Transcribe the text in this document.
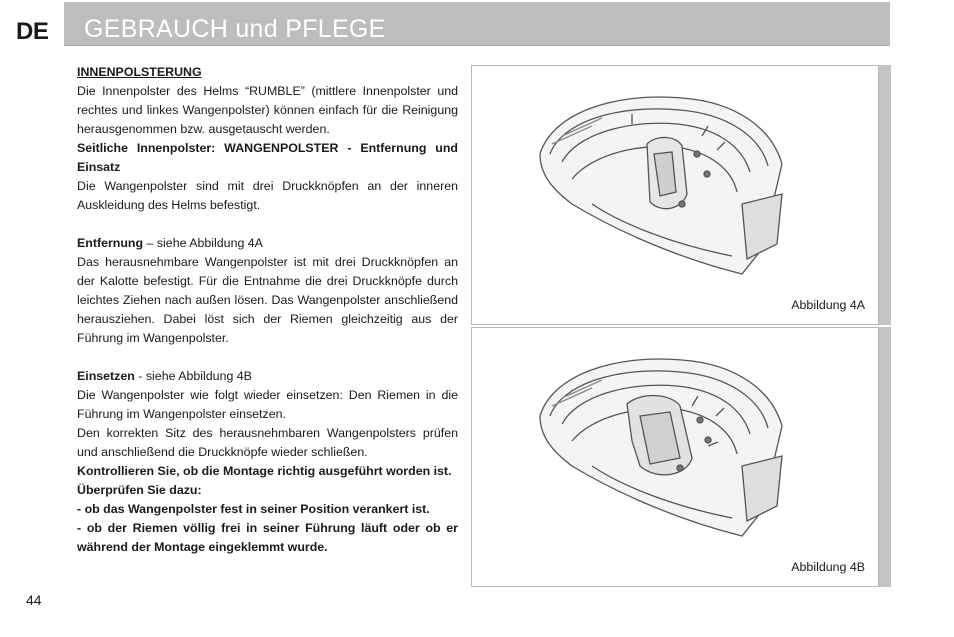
DE GEBRAUCH und PFLEGE

INNENPOLSTERUNG

Die Innenpolster des Helms “RUMBLE” (mittlere Innenpolster und rechtes und linkes Wangenpolster) können einfach für die Reinigung herausgenommen bzw. ausgetauscht werden.

Seitliche Innenpolster: WANGENPOLSTER - Entfernung und Einsatz

Die Wangenpolster sind mit drei Druckknöpfen an der inneren Auskleidung des Helms befestigt.

Entfernung – siehe Abbildung 4A

Das herausnehmbare Wangenpolster ist mit drei Druckknöpfen an der Kalotte befestigt. Für die Entnahme die drei Druckknöpfe durch leichtes Ziehen nach außen lösen. Das Wangenpolster anschließend herausziehen. Dabei löst sich der Riemen gleichzeitig aus der Führung im Wangenpolster.

Einsetzen - siehe Abbildung 4B

Die Wangenpolster wie folgt wieder einsetzen: Den Riemen in die Führung im Wangenpolster einsetzen.

Den korrekten Sitz des herausnehmbaren Wangenpolsters prüfen und anschließend die Druckknöpfe wieder schließen.

Kontrollieren Sie, ob die Montage richtig ausgeführt worden ist.

Überprüfen Sie dazu:

- ob das Wangenpolster fest in seiner Position verankert ist.

- ob der Riemen völlig frei in seiner Führung läuft oder ob er während der Montage eingeklemmt wurde.

Abbildung 4A
Abbildung 4B
44
